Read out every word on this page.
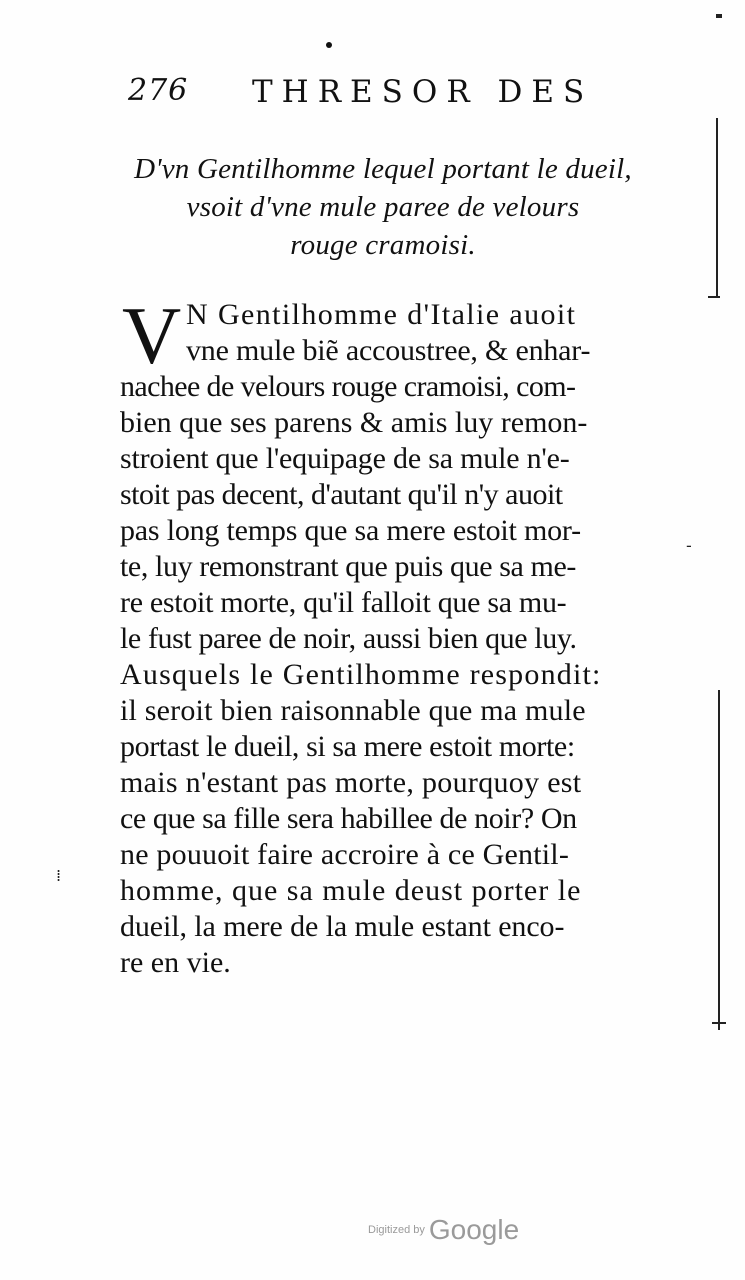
276 THRESOR DES
D'vn Gentilhomme lequel portant le dueil,
vsoit d'vne mule paree de velours
rouge cramoisi.
V N Gentilhomme d'Italie auoit
vne mule biẽ accoustree, & enhar-
nachee de velours rouge cramoisi, com-
bien que ses parens & amis luy remon-
stroient que l'equipage de sa mule n'e-
stoit pas decent, d'autant qu'il n'y auoit
pas long temps que sa mere estoit mor-
te, luy remonstrant que puis que sa me-
re estoit morte, qu'il falloit que sa mu-
le fust paree de noir, aussi bien que luy.
Ausquels le Gentilhomme respondit:
il seroit bien raisonnable que ma mule
portast le dueil, si sa mere estoit morte:
mais n'estant pas morte, pourquoy est
ce que sa fille sera habillee de noir? On
ne pouuoit faire accroire à ce Gentil-
homme, que sa mule deust porter le
dueil, la mere de la mule estant enco-
re en vie.
⁞
-
Digitized by Google
